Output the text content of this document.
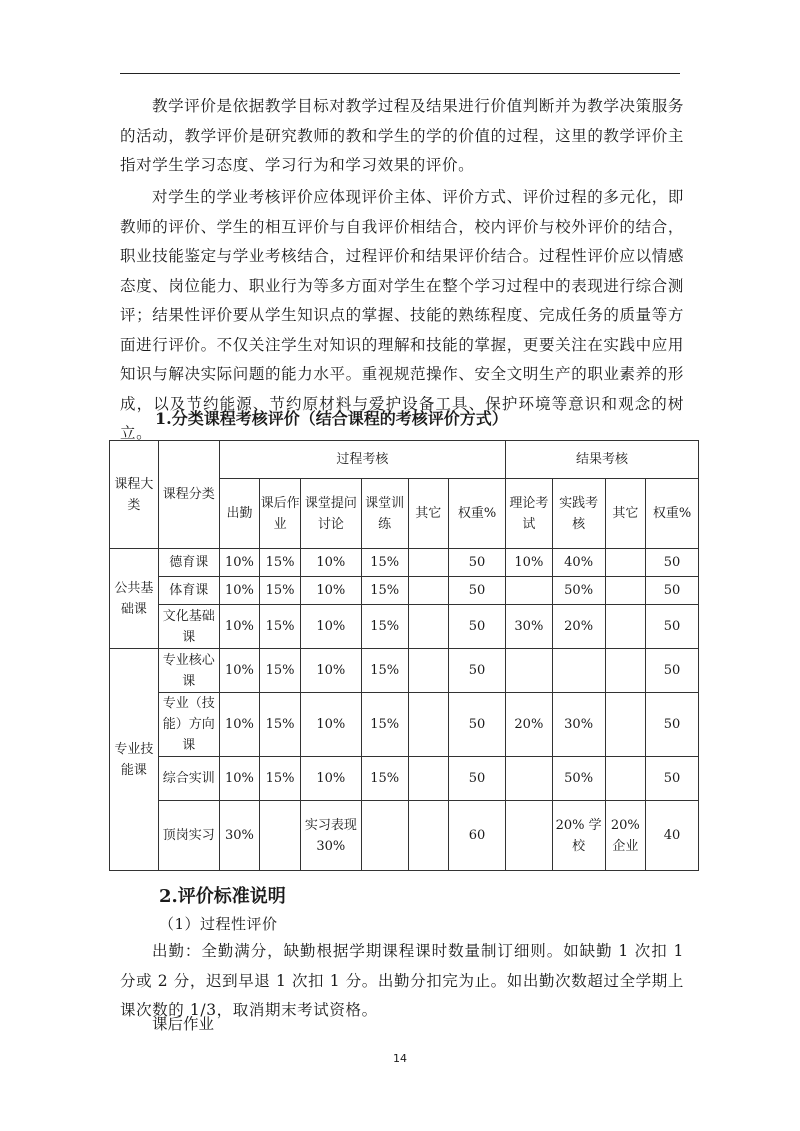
教学评价是依据教学目标对教学过程及结果进行价值判断并为教学决策服务的活动，教学评价是研究教师的教和学生的学的价值的过程，这里的教学评价主指对学生学习态度、学习行为和学习效果的评价。

对学生的学业考核评价应体现评价主体、评价方式、评价过程的多元化，即教师的评价、学生的相互评价与自我评价相结合，校内评价与校外评价的结合，职业技能鉴定与学业考核结合，过程评价和结果评价结合。过程性评价应以情感态度、岗位能力、职业行为等多方面对学生在整个学习过程中的表现进行综合测评；结果性评价要从学生知识点的掌握、技能的熟练程度、完成任务的质量等方面进行评价。不仅关注学生对知识的理解和技能的掌握，更要关注在实践中应用知识与解决实际问题的能力水平。重视规范操作、安全文明生产的职业素养的形成，以及节约能源、节约原材料与爱护设备工具、保护环境等意识和观念的树立。

1.分类课程考核评价（结合课程的考核评价方式）

课程大类	课程分类	过程考核						结果考核			
		出勤	课后作业	课堂提问讨论	课堂训练	其它	权重%	理论考试	实践考核	其它	权重%
公共基础课	德育课	10%	15%	10%	15%		50	10%	40%		50
	体育课	10%	15%	10%	15%		50		50%		50
	文化基础课	10%	15%	10%	15%		50	30%	20%		50
专业技能课	专业核心课	10%	15%	10%	15%		50				50
	专业（技能）方向课	10%	15%	10%	15%		50	20%	30%		50
	综合实训	10%	15%	10%	15%		50		50%		50
	顶岗实习	30%		实习表现 30%			60		20% 学校	20% 企业	40

2.评价标准说明

（1）过程性评价

出勤：全勤满分，缺勤根据学期课程课时数量制订细则。如缺勤 1 次扣 1 分或 2 分，迟到早退 1 次扣 1 分。出勤分扣完为止。如出勤次数超过全学期上课次数的 1/3，取消期末考试资格。

课后作业

14
